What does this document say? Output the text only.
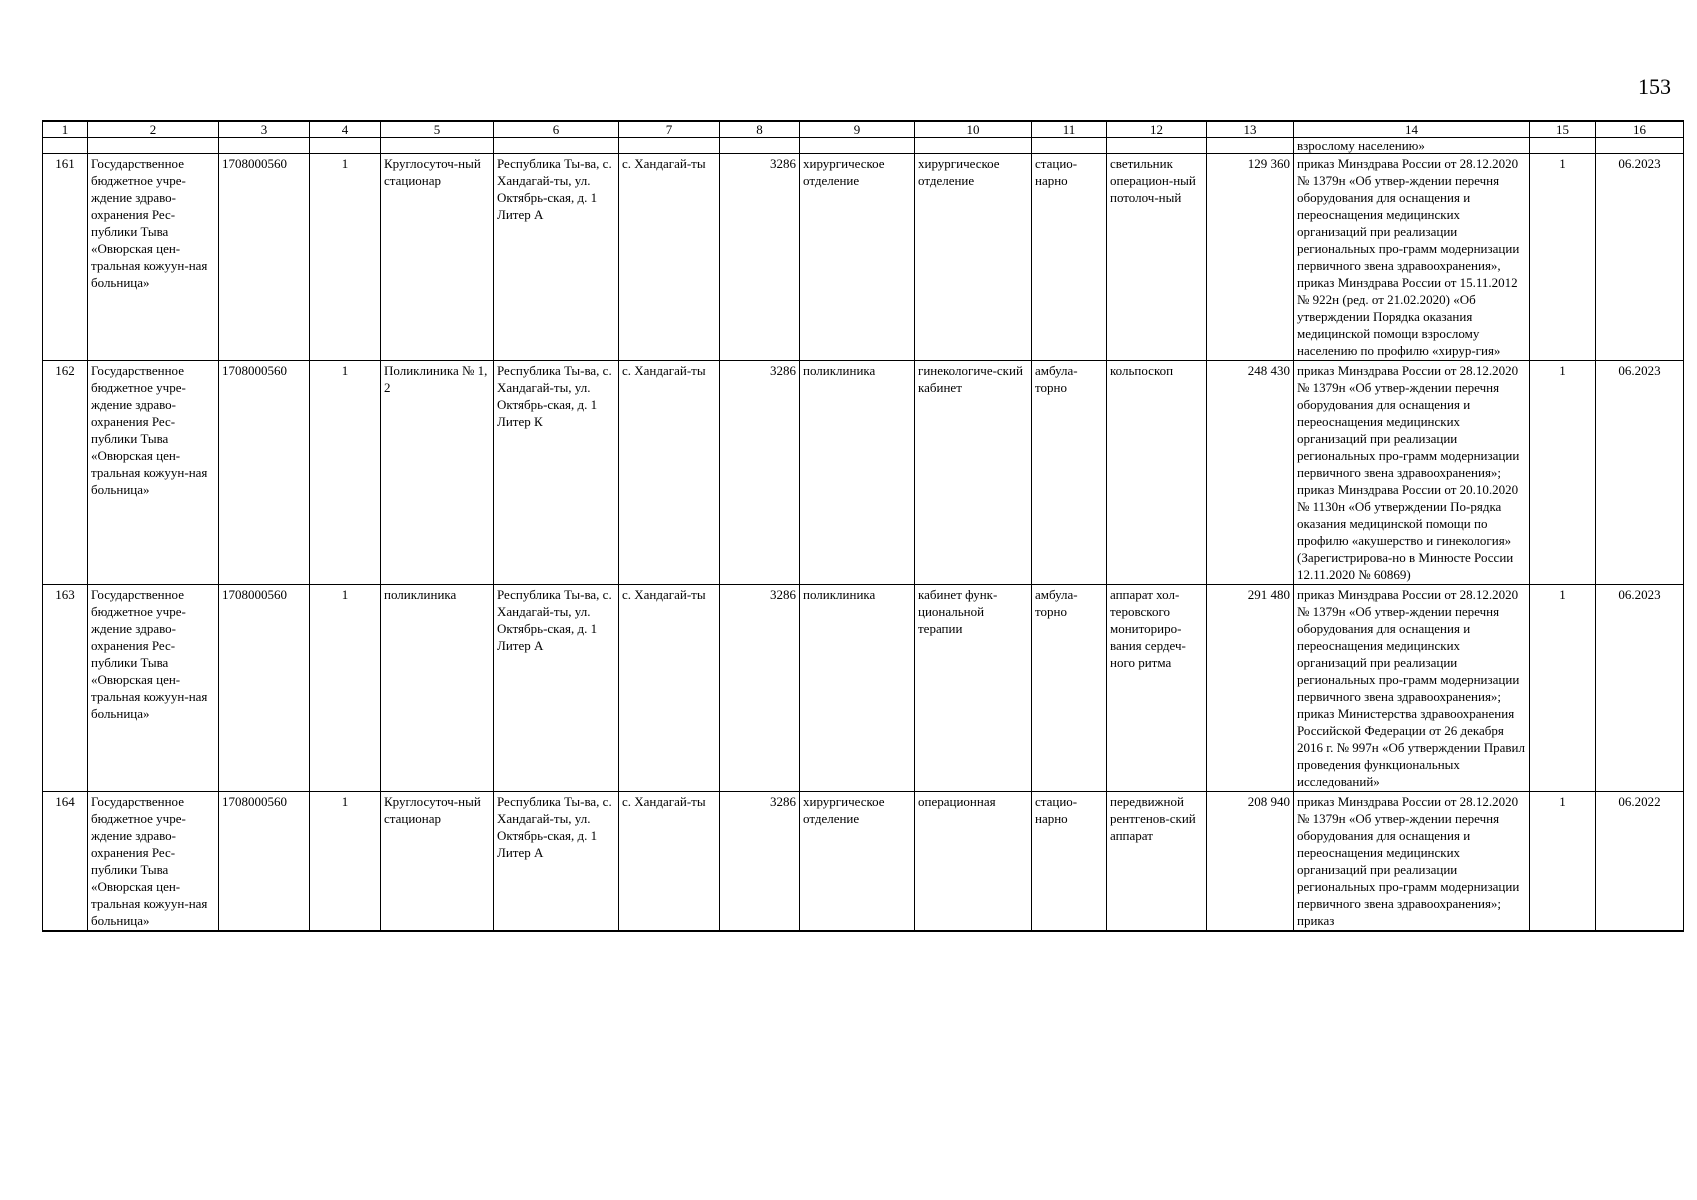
153
1	2	3	4	5	6	7	8	9	10	11	12	13	14	15	16
													взрослому населению»		
161	Государственное бюджетное учре-ждение здраво-охранения Рес-публики Тыва «Овюрская цен-тральная кожуун-ная больница»	1708000560	1	Круглосуточ-ный стационар	Республика Ты-ва, с. Хандагай-ты, ул. Октябрь-ская, д. 1 Литер А	с. Хандагай-ты	3286	хирургическое отделение	хирургическое отделение	стацио-нарно	светильник операцион-ный потолоч-ный	129 360	приказ Минздрава России от 28.12.2020 № 1379н «Об утвер-ждении перечня оборудования для оснащения и переоснащения медицинских организаций при реализации региональных про-грамм модернизации первичного звена здравоохранения», приказ Минздрава России от 15.11.2012 № 922н (ред. от 21.02.2020) «Об утверждении Порядка оказания медицинской помощи взрослому населению по профилю «хирур-гия»	1	06.2023
162	Государственное бюджетное учре-ждение здраво-охранения Рес-публики Тыва «Овюрская цен-тральная кожуун-ная больница»	1708000560	1	Поликлиника № 1, 2	Республика Ты-ва, с. Хандагай-ты, ул. Октябрь-ская, д. 1 Литер К	с. Хандагай-ты	3286	поликлиника	гинекологиче-ский кабинет	амбула-торно	кольпоскоп	248 430	приказ Минздрава России от 28.12.2020 № 1379н «Об утвер-ждении перечня оборудования для оснащения и переоснащения медицинских организаций при реализации региональных про-грамм модернизации первичного звена здравоохранения»; приказ Минздрава России от 20.10.2020 № 1130н «Об утверждении По-рядка оказания медицинской помощи по профилю «акушерство и гинекология» (Зарегистрирова-но в Минюсте России 12.11.2020 № 60869)	1	06.2023
163	Государственное бюджетное учре-ждение здраво-охранения Рес-публики Тыва «Овюрская цен-тральная кожуун-ная больница»	1708000560	1	поликлиника	Республика Ты-ва, с. Хандагай-ты, ул. Октябрь-ская, д. 1 Литер А	с. Хандагай-ты	3286	поликлиника	кабинет функ-циональной терапии	амбула-торно	аппарат хол-теровского мониториро-вания сердеч-ного ритма	291 480	приказ Минздрава России от 28.12.2020 № 1379н «Об утвер-ждении перечня оборудования для оснащения и переоснащения медицинских организаций при реализации региональных про-грамм модернизации первичного звена здравоохранения»; приказ Министерства здравоохранения Российской Федерации от 26 декабря 2016 г. № 997н «Об утверждении Правил проведения функциональных исследований»	1	06.2023
164	Государственное бюджетное учре-ждение здраво-охранения Рес-публики Тыва «Овюрская цен-тральная кожуун-ная больница»	1708000560	1	Круглосуточ-ный стационар	Республика Ты-ва, с. Хандагай-ты, ул. Октябрь-ская, д. 1 Литер А	с. Хандагай-ты	3286	хирургическое отделение	операционная	стацио-нарно	передвижной рентгенов-ский аппарат	208 940	приказ Минздрава России от 28.12.2020 № 1379н «Об утвер-ждении перечня оборудования для оснащения и переоснащения медицинских организаций при реализации региональных про-грамм модернизации первичного звена здравоохранения»; приказ	1	06.2022
